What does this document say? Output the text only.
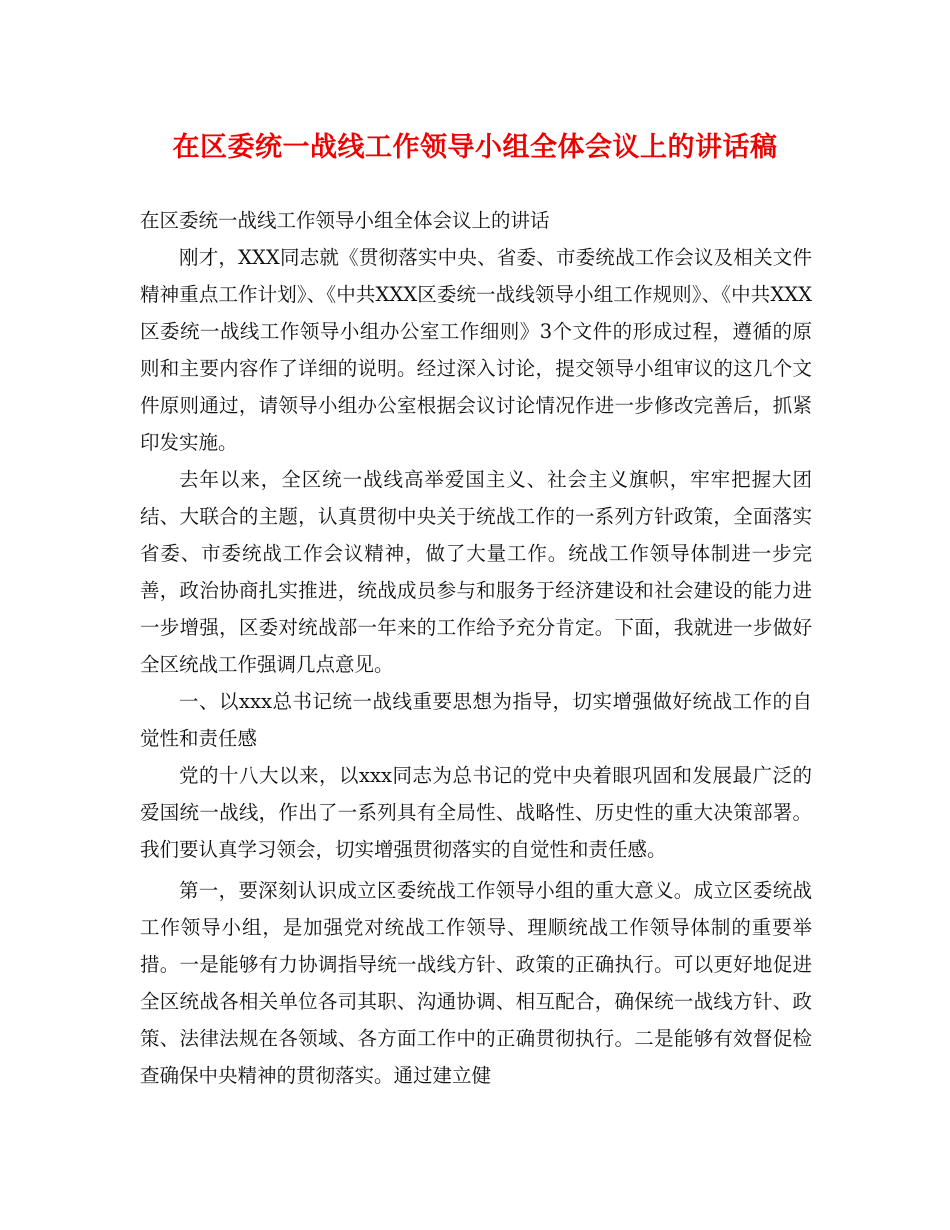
在区委统一战线工作领导小组全体会议上的讲话稿

在区委统一战线工作领导小组全体会议上的讲话

刚才，XXX同志就《贯彻落实中央、省委、市委统战工作会议及相关文件精神重点工作计划》、《中共XXX区委统一战线领导小组工作规则》、《中共XXX区委统一战线工作领导小组办公室工作细则》3个文件的形成过程，遵循的原则和主要内容作了详细的说明。经过深入讨论，提交领导小组审议的这几个文件原则通过，请领导小组办公室根据会议讨论情况作进一步修改完善后，抓紧印发实施。

去年以来，全区统一战线高举爱国主义、社会主义旗帜，牢牢把握大团结、大联合的主题，认真贯彻中央关于统战工作的一系列方针政策，全面落实省委、市委统战工作会议精神，做了大量工作。统战工作领导体制进一步完善，政治协商扎实推进，统战成员参与和服务于经济建设和社会建设的能力进一步增强，区委对统战部一年来的工作给予充分肯定。下面，我就进一步做好全区统战工作强调几点意见。

一、以xxx总书记统一战线重要思想为指导，切实增强做好统战工作的自觉性和责任感

党的十八大以来，以xxx同志为总书记的党中央着眼巩固和发展最广泛的爱国统一战线，作出了一系列具有全局性、战略性、历史性的重大决策部署。我们要认真学习领会，切实增强贯彻落实的自觉性和责任感。

第一，要深刻认识成立区委统战工作领导小组的重大意义。成立区委统战工作领导小组，是加强党对统战工作领导、理顺统战工作领导体制的重要举措。一是能够有力协调指导统一战线方针、政策的正确执行。可以更好地促进全区统战各相关单位各司其职、沟通协调、相互配合，确保统一战线方针、政策、法律法规在各领域、各方面工作中的正确贯彻执行。二是能够有效督促检查确保中央精神的贯彻落实。通过建立健
